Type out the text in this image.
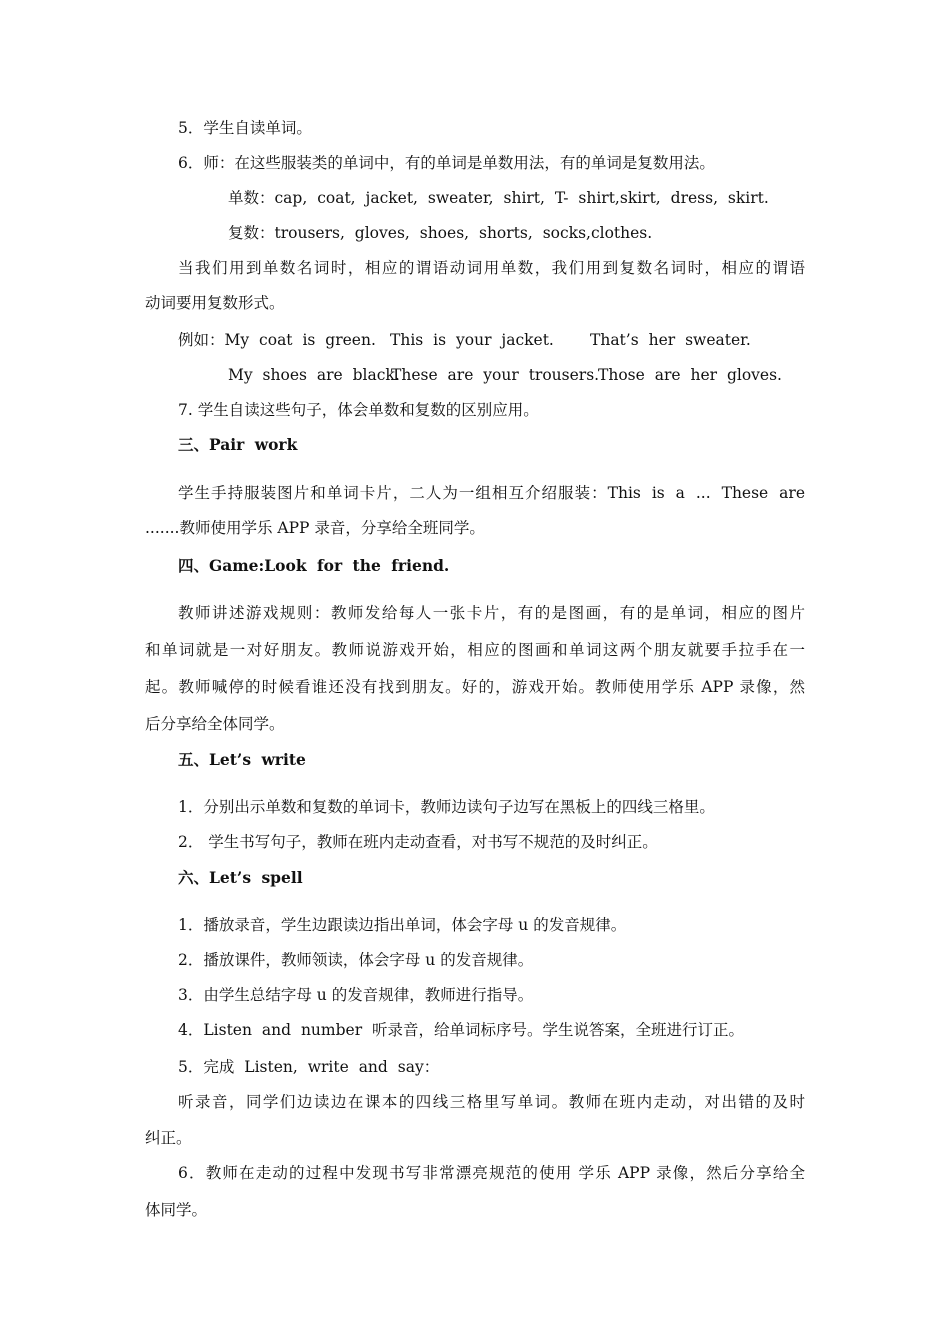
5．学生自读单词。
6．师：在这些服装类的单词中，有的单词是单数用法，有的单词是复数用法。
单数：cap, coat, jacket, sweater, shirt, T- shirt,skirt, dress, skirt.
复数：trousers, gloves, shoes, shorts, socks,clothes.
当我们用到单数名词时，相应的谓语动词用单数，我们用到复数名词时，相应的谓语
动词要用复数形式。
例如：My coat is green. This is your jacket.	That’s her sweater.
My shoes are black.
These are your trousers.
Those are her gloves.
7. 学生自读这些句子，体会单数和复数的区别应用。
三、Pair work
学生手持服装图片和单词卡片，二人为一组相互介绍服装：This is a ... These are
.......教师使用学乐 APP 录音，分享给全班同学。
四、Game:Look for the friend.
教师讲述游戏规则：教师发给每人一张卡片，有的是图画，有的是单词，相应的图片
和单词就是一对好朋友。教师说游戏开始，相应的图画和单词这两个朋友就要手拉手在一
起。教师喊停的时候看谁还没有找到朋友。好的，游戏开始。教师使用学乐 APP 录像，然
后分享给全体同学。
五、Let’s write
1．分别出示单数和复数的单词卡，教师边读句子边写在黑板上的四线三格里。
2． 学生书写句子，教师在班内走动查看，对书写不规范的及时纠正。
六、Let’s spell
1．播放录音，学生边跟读边指出单词，体会字母 u 的发音规律。
2．播放课件，教师领读，体会字母 u 的发音规律。
3．由学生总结字母 u 的发音规律，教师进行指导。
4．Listen and number 听录音，给单词标序号。学生说答案，全班进行订正。
5．完成 Listen, write and say：
听录音，同学们边读边在课本的四线三格里写单词。教师在班内走动，对出错的及时
纠正。
6．教师在走动的过程中发现书写非常漂亮规范的使用 学乐 APP 录像，然后分享给全
体同学。
